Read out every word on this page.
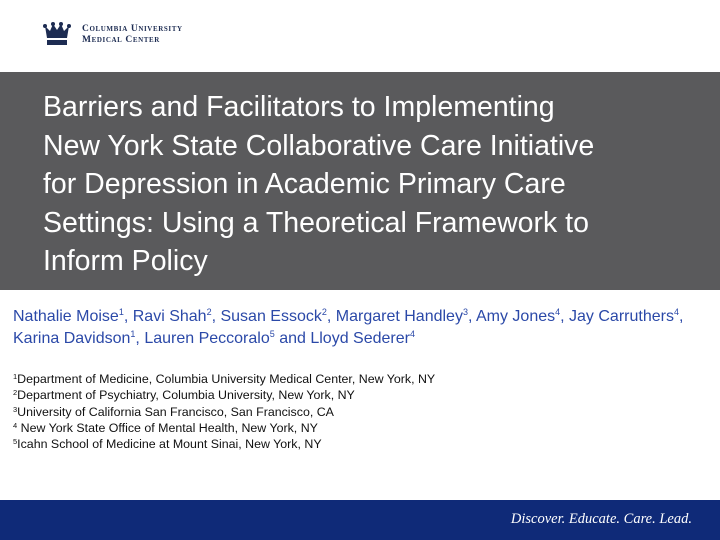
Columbia University
Medical Center
Barriers and Facilitators to Implementing
New York State Collaborative Care Initiative
for Depression in Academic Primary Care
Settings: Using a Theoretical Framework to
Inform Policy

Nathalie Moise$^1$, Ravi Shah$^2$, Susan Essock$^2$, Margaret Handley$^3$, Amy Jones$^4$, Jay Carruthers$^4$, Karina Davidson$^1$, Lauren Peccoralo$^5$ and Lloyd Sederer$^4$

$^1$Department of Medicine, Columbia University Medical Center, New York, NY
$^2$Department of Psychiatry, Columbia University, New York, NY
$^3$University of California San Francisco, San Francisco, CA
$^4$ New York State Office of Mental Health, New York, NY
$^5$Icahn School of Medicine at Mount Sinai, New York, NY
Discover. Educate. Care. Lead.
